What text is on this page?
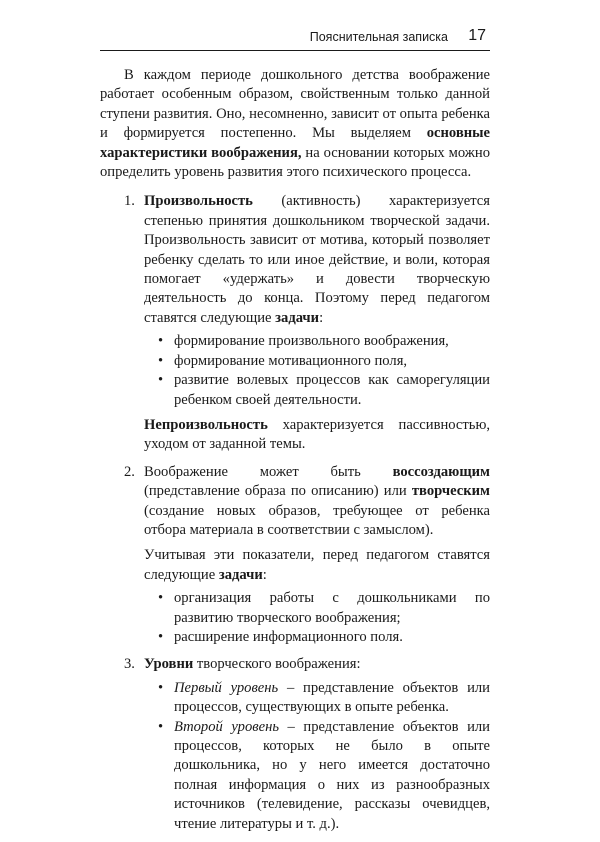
Пояснительная записка 17

В каждом периоде дошкольного детства воображение работает особенным образом, свойственным только данной ступени развития. Оно, несомненно, зависит от опыта ребенка и формируется постепенно. Мы выделяем основные характеристики воображения, на основании которых можно определить уровень развития этого психического процесса.

1. Произвольность (активность) характеризуется степенью принятия дошкольником творческой задачи. Произвольность зависит от мотива, который позволяет ребенку сделать то или иное действие, и воли, которая помогает «удержать» и довести творческую деятельность до конца. Поэтому перед педагогом ставятся следующие задачи:

• формирование произвольного воображения,
• формирование мотивационного поля,
• развитие волевых процессов как саморегуляции ребенком своей деятельности.

Непроизвольность характеризуется пассивностью, уходом от заданной темы.

2. Воображение может быть воссоздающим (представление образа по описанию) или творческим (создание новых образов, требующее от ребенка отбора материала в соответствии с замыслом).

Учитывая эти показатели, перед педагогом ставятся следующие задачи:

• организация работы с дошкольниками по развитию творческого воображения;
• расширение информационного поля.
3. Уровни творческого воображения:

• Первый уровень – представление объектов или процессов, существующих в опыте ребенка.
• Второй уровень – представление объектов или процессов, которых не было в опыте дошкольника, но у него имеется достаточно полная информация о них из разнообразных источников (телевидение, рассказы очевидцев, чтение литературы и т. д.).
